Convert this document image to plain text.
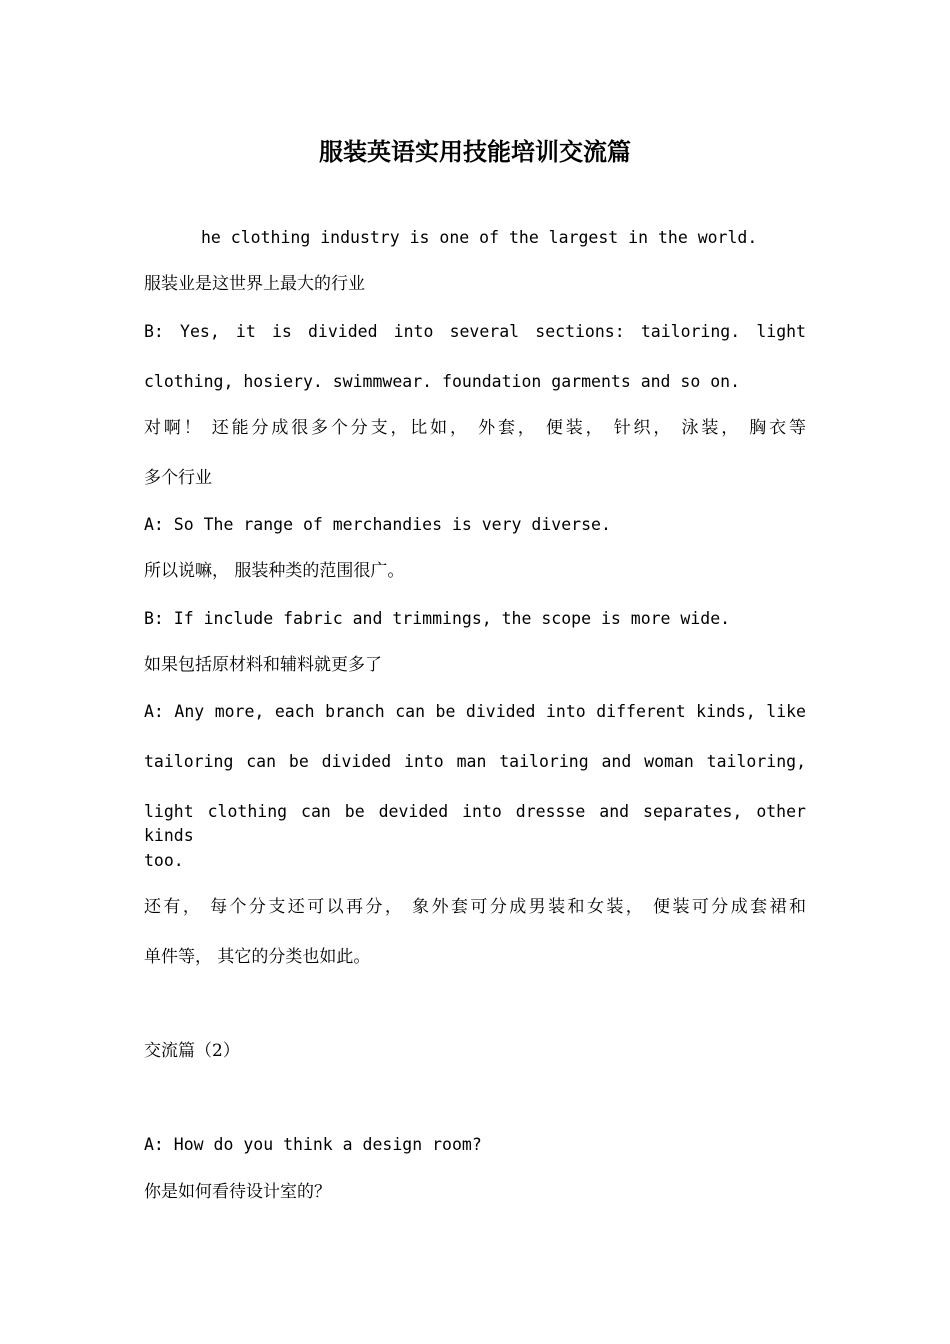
服装英语实用技能培训交流篇
he clothing industry is one of the largest in the world.
服装业是这世界上最大的行业
B: Yes, it is divided into several sections: tailoring. light
clothing, hosiery. swimmwear. foundation garments and so on.
对啊！ 还能分成很多个分支，比如， 外套， 便装， 针织， 泳装， 胸衣等
多个行业
A: So The range of merchandies is very diverse.
所以说嘛， 服装种类的范围很广。
B: If include fabric and trimmings, the scope is more wide.
如果包括原材料和辅料就更多了
A: Any more, each branch can be divided into different kinds, like
tailoring can be divided into man tailoring and woman tailoring,
light clothing can be devided into dressse and separates, other kinds
too.
还有， 每个分支还可以再分， 象外套可分成男装和女装， 便装可分成套裙和
单件等， 其它的分类也如此。
交流篇（2）
A: How do you think a design room?
你是如何看待设计室的？
